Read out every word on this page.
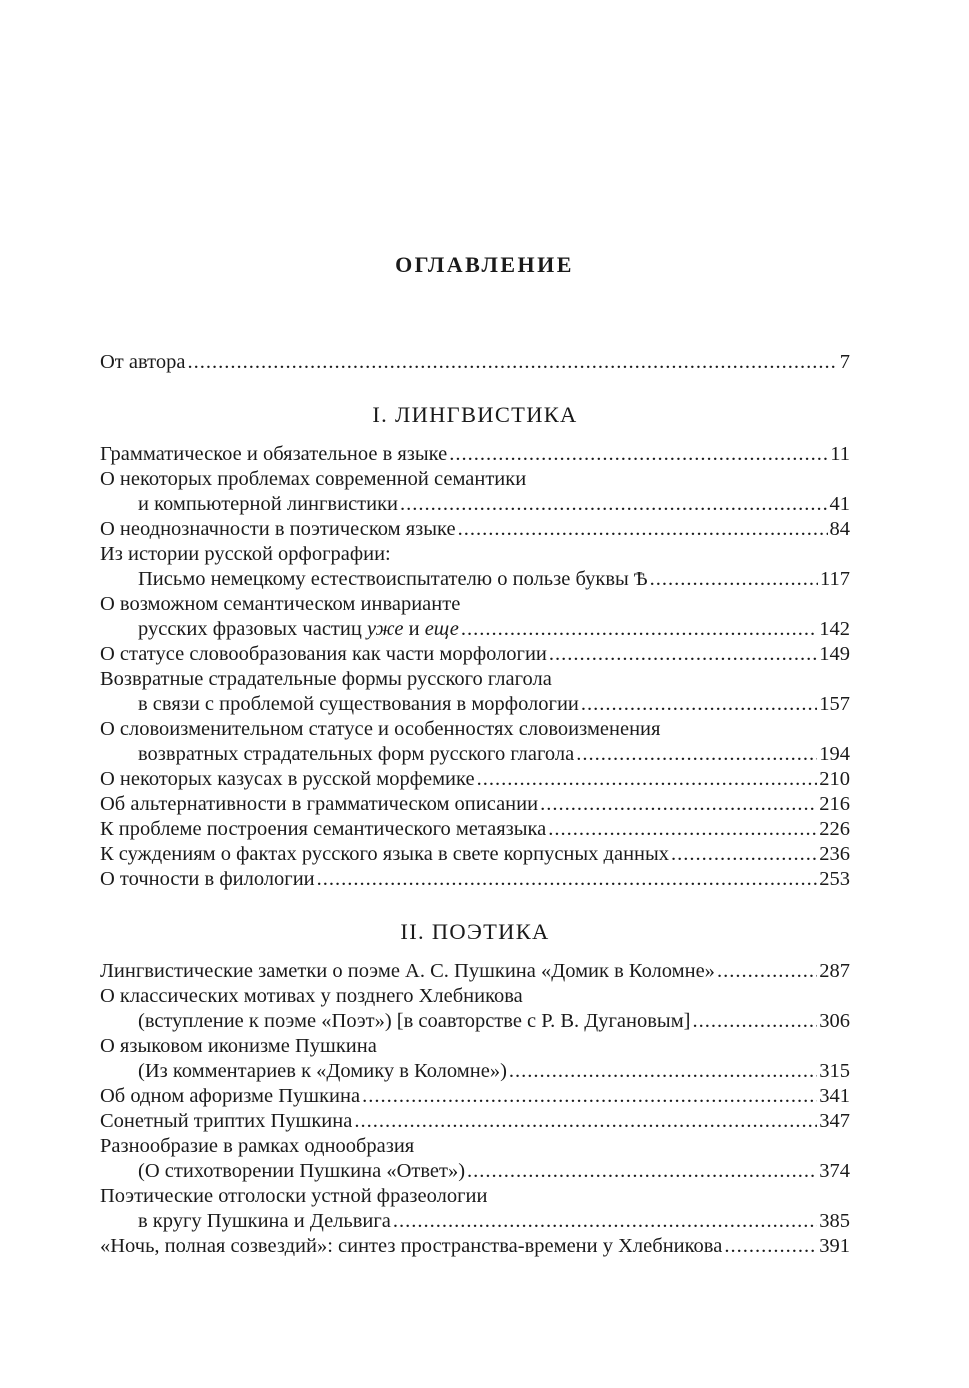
ОГЛАВЛЕНИЕ
От автора .....	7
I. ЛИНГВИСТИКА
Грамматическое и обязательное в языке .....	11
О некоторых проблемах современной семантики
и компьютерной лингвистики .....	41
О неоднозначности в поэтическом языке .....	84
Из истории русской орфографии:
Письмо немецкому естествоиспытателю о пользе буквы Ѣ .....	117
О возможном семантическом инварианте
русских фразовых частиц уже и еще .....	142
О статусе словообразования как части морфологии .....	149
Возвратные страдательные формы русского глагола
в связи с проблемой существования в морфологии .....	157
О словоизменительном статусе и особенностях словоизменения
возвратных страдательных форм русского глагола .....	194
О некоторых казусах в русской морфемике .....	210
Об альтернативности в грамматическом описании .....	216
К проблеме построения семантического метаязыка .....	226
К суждениям о фактах русского языка в свете корпусных данных .....	236
О точности в филологии .....	253
II. ПОЭТИКА
Лингвистические заметки о поэме А. С. Пушкина «Домик в Коломне» .....	287
О классических мотивах у позднего Хлебникова
(вступление к поэме «Поэт») [в соавторстве с Р. В. Дугановым] .....	306
О языковом иконизме Пушкина
(Из комментариев к «Домику в Коломне») .....	315
Об одном афоризме Пушкина .....	341
Сонетный триптих Пушкина .....	347
Разнообразие в рамках однообразия
(О стихотворении Пушкина «Ответ») .....	374
Поэтические отголоски устной фразеологии
в кругу Пушкина и Дельвига .....	385
«Ночь, полная созвездий»: синтез пространства-времени у Хлебникова .....	391
